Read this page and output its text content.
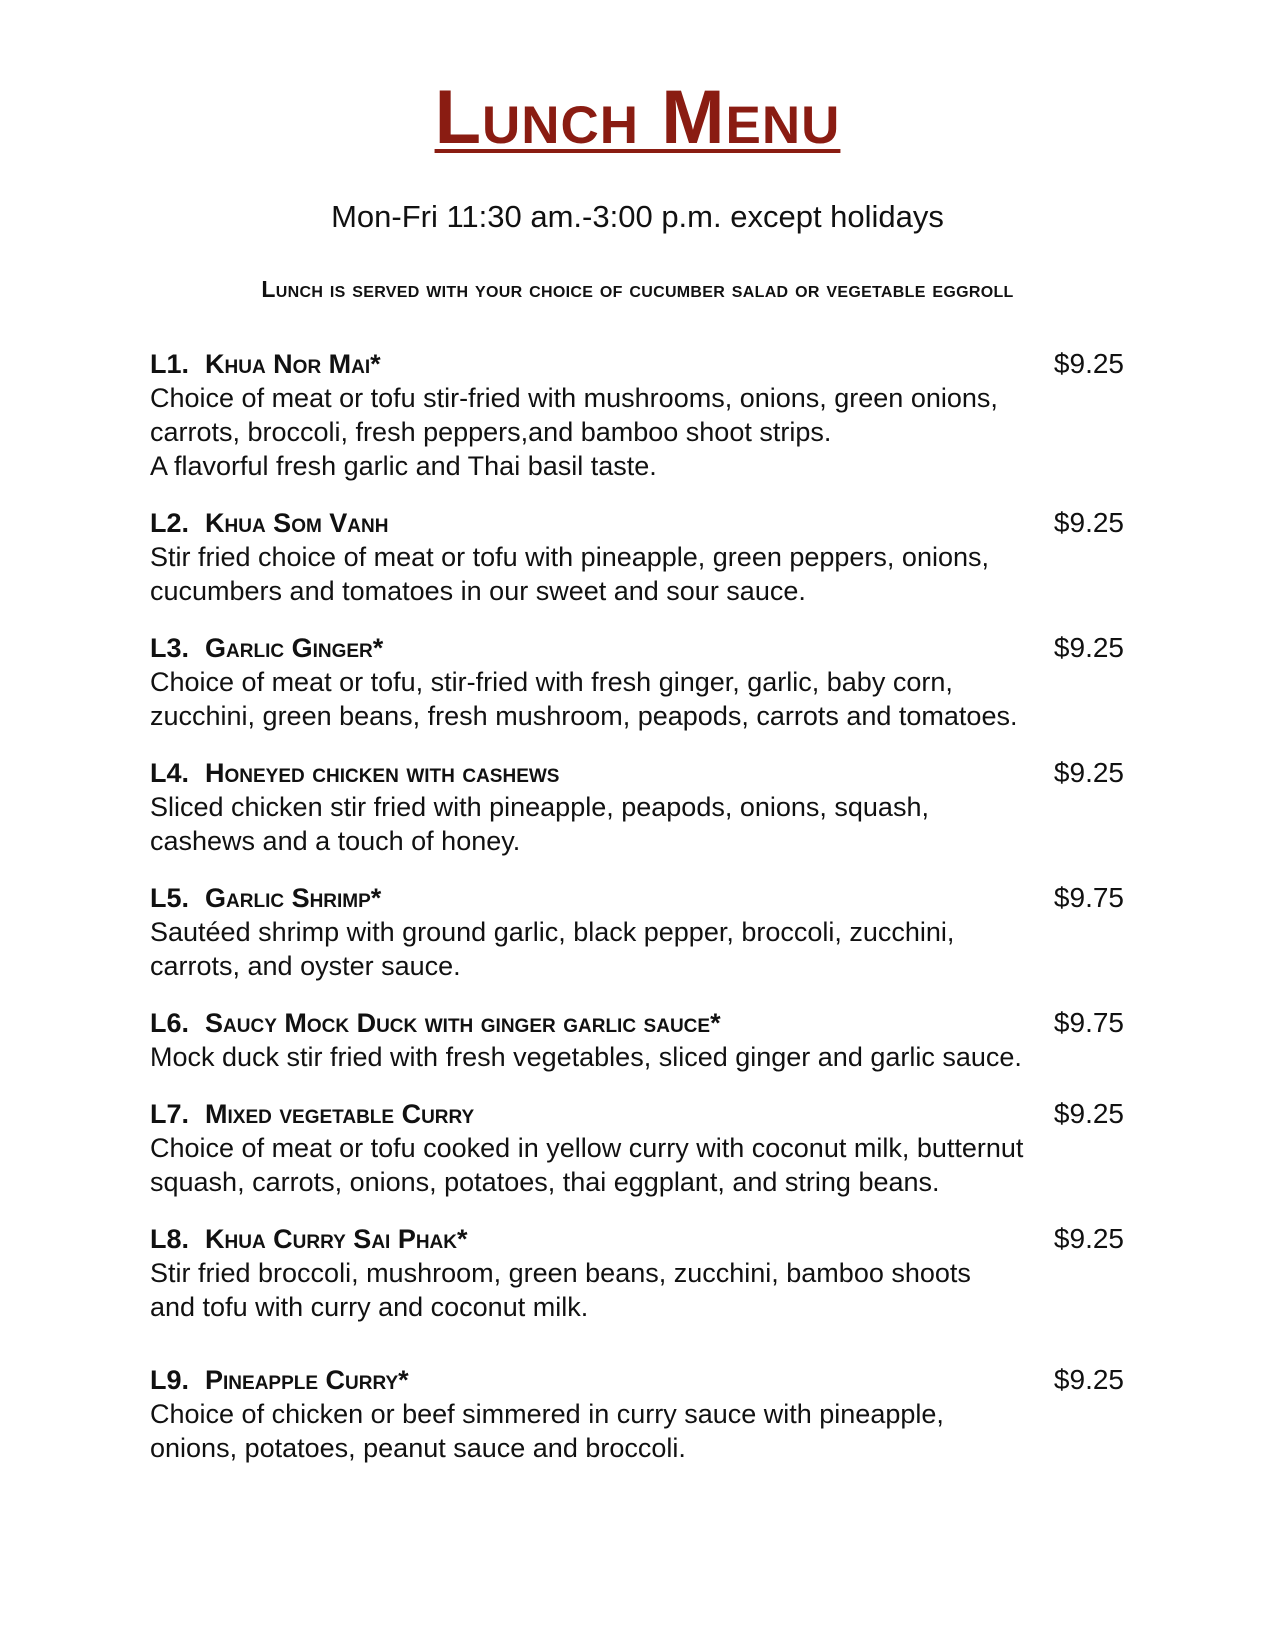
Lunch Menu
Mon-Fri 11:30 am.-3:00 p.m. except holidays
Lunch is served with your choice of cucumber salad or vegetable eggroll
L1. Khua Nor Mai*	$9.25
Choice of meat or tofu stir-fried with mushrooms, onions, green onions,
carrots, broccoli, fresh peppers,and bamboo shoot strips.
A flavorful fresh garlic and Thai basil taste.
L2. Khua Som Vanh	$9.25
Stir fried choice of meat or tofu with pineapple, green peppers, onions,
cucumbers and tomatoes in our sweet and sour sauce.
L3. Garlic Ginger*	$9.25
Choice of meat or tofu, stir-fried with fresh ginger, garlic, baby corn,
zucchini, green beans, fresh mushroom, peapods, carrots and tomatoes.
L4. Honeyed chicken with cashews	$9.25
Sliced chicken stir fried with pineapple, peapods, onions, squash,
cashews and a touch of honey.
L5. Garlic Shrimp*	$9.75
Sautéed shrimp with ground garlic, black pepper, broccoli, zucchini,
carrots, and oyster sauce.
L6. Saucy Mock Duck with ginger garlic sauce*	$9.75
Mock duck stir fried with fresh vegetables, sliced ginger and garlic sauce.
L7. Mixed vegetable Curry	$9.25
Choice of meat or tofu cooked in yellow curry with coconut milk, butternut
squash, carrots, onions, potatoes, thai eggplant, and string beans.
L8. Khua Curry Sai Phak*	$9.25
Stir fried broccoli, mushroom, green beans, zucchini, bamboo shoots
and tofu with curry and coconut milk.
L9. Pineapple Curry*	$9.25
Choice of chicken or beef simmered in curry sauce with pineapple,
onions, potatoes, peanut sauce and broccoli.
